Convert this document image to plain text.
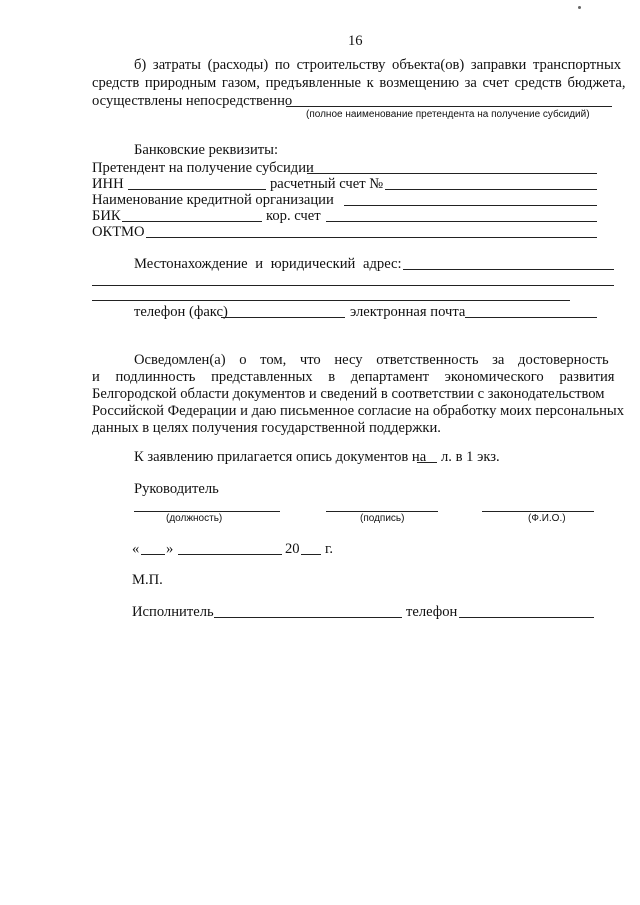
16
б) затраты (расходы) по строительству объекта(ов) заправки транспортных
средств природным газом, предъявленные к возмещению за счет средств бюджета,
осуществлены непосредственно
(полное наименование претендента на получение субсидий)
Банковские реквизиты:
Претендент на получение субсидии
ИНН	расчетный счет №
Наименование кредитной организации
БИК	кор. счет
ОКТМО
Местонахождение и юридический адрес:
телефон (факс)	электронная почта
Осведомлен(а) о том, что несу ответственность за достоверность
и подлинность представленных в департамент экономического развития
Белгородской области документов и сведений в соответствии с законодательством
Российской Федерации и даю письменное согласие на обработку моих персональных
данных в целях получения государственной поддержки.
К заявлению прилагается опись документов на л. в 1 экз.
Руководитель
(должность)	(подпись)	(Ф.И.О.)
« »	20 г.
М.П.
Исполнитель	телефон
